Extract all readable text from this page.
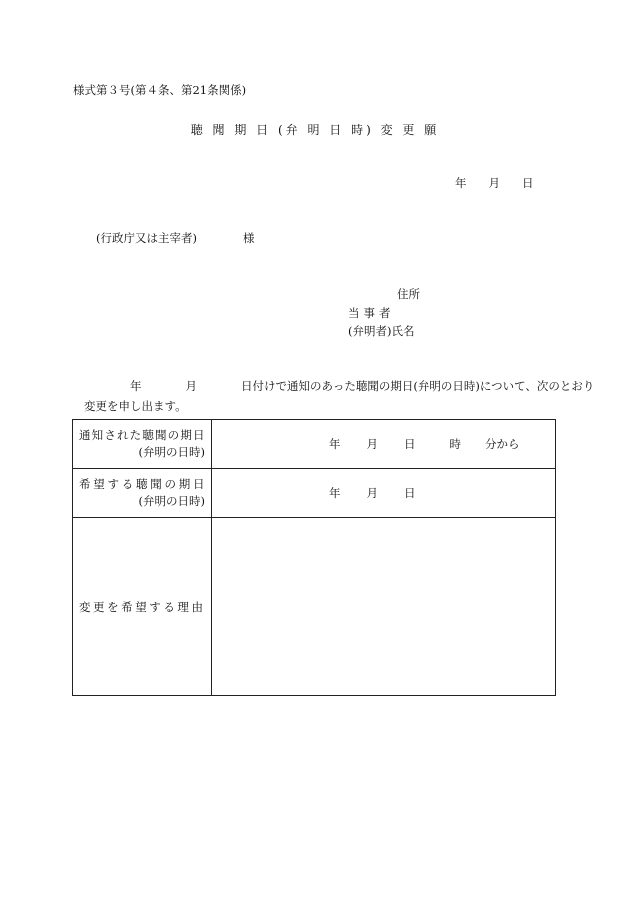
様式第３号(第４条、第21条関係)
聴 聞 期 日 (弁 明 日 時) 変 更 願
年 月 日
(行政庁又は主宰者)	様
住所
当事者
(弁明者)氏名
年	月	日付けで通知のあった聴聞の期日(弁明の日時)について、次のとおり
変更を申し出ます。
通知された聴聞の期日
(弁明の日時)	年 月 日 時 分から

希望する聴聞の期日
(弁明の日時)	年 月 日

変更を希望する理由	
